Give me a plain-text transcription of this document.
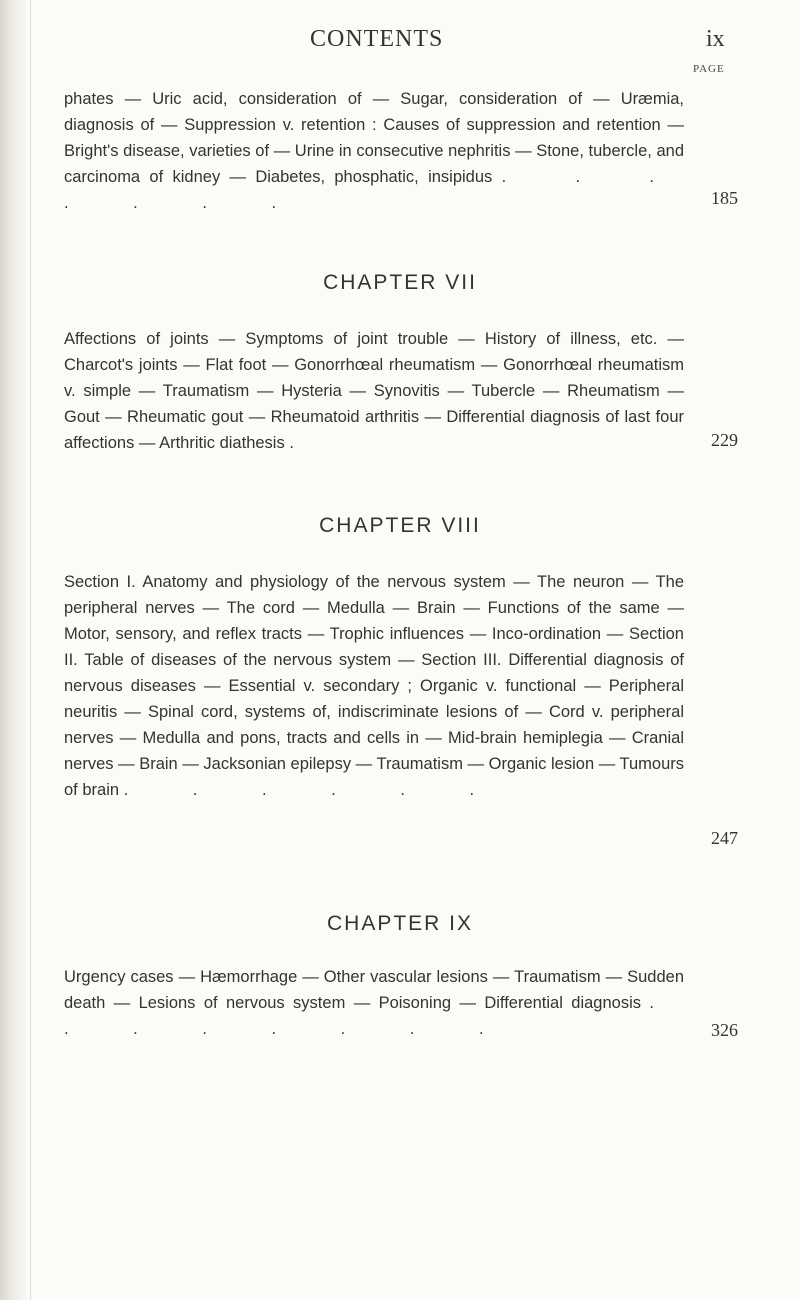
CONTENTS	ix
PAGE
phates — Uric acid, consideration of — Sugar, consideration of — Uræmia, diagnosis of — Suppression v. retention : Causes of suppression and retention — Bright's disease, varieties of — Urine in consecutive nephritis — Stone, tubercle, and carcinoma of kidney — Diabetes, phosphatic, insipidus . . . . . . .	185
CHAPTER VII
Affections of joints — Symptoms of joint trouble — History of illness, etc. — Charcot's joints — Flat foot — Gonorrhœal rheumatism — Gonorrhœal rheumatism v. simple — Traumatism — Hysteria — Synovitis — Tubercle — Rheumatism — Gout — Rheumatic gout — Rheumatoid arthritis — Differential diagnosis of last four affections — Arthritic diathesis .	229
CHAPTER VIII
Section I. Anatomy and physiology of the nervous system — The neuron — The peripheral nerves — The cord — Medulla — Brain — Functions of the same — Motor, sensory, and reflex tracts — Trophic influences — Inco-ordination — Section II. Table of diseases of the nervous system — Section III. Differential diagnosis of nervous diseases — Essential v. secondary ; Organic v. functional — Peripheral neuritis — Spinal cord, systems of, indiscriminate lesions of — Cord v. peripheral nerves — Medulla and pons, tracts and cells in — Mid-brain hemiplegia — Cranial nerves — Brain — Jacksonian epilepsy — Traumatism — Organic lesion — Tumours of brain . . . . . .
247
CHAPTER IX
Urgency cases — Hæmorrhage — Other vascular lesions — Traumatism — Sudden death — Lesions of nervous system — Poisoning — Differential diagnosis . . . . . . . .	326
